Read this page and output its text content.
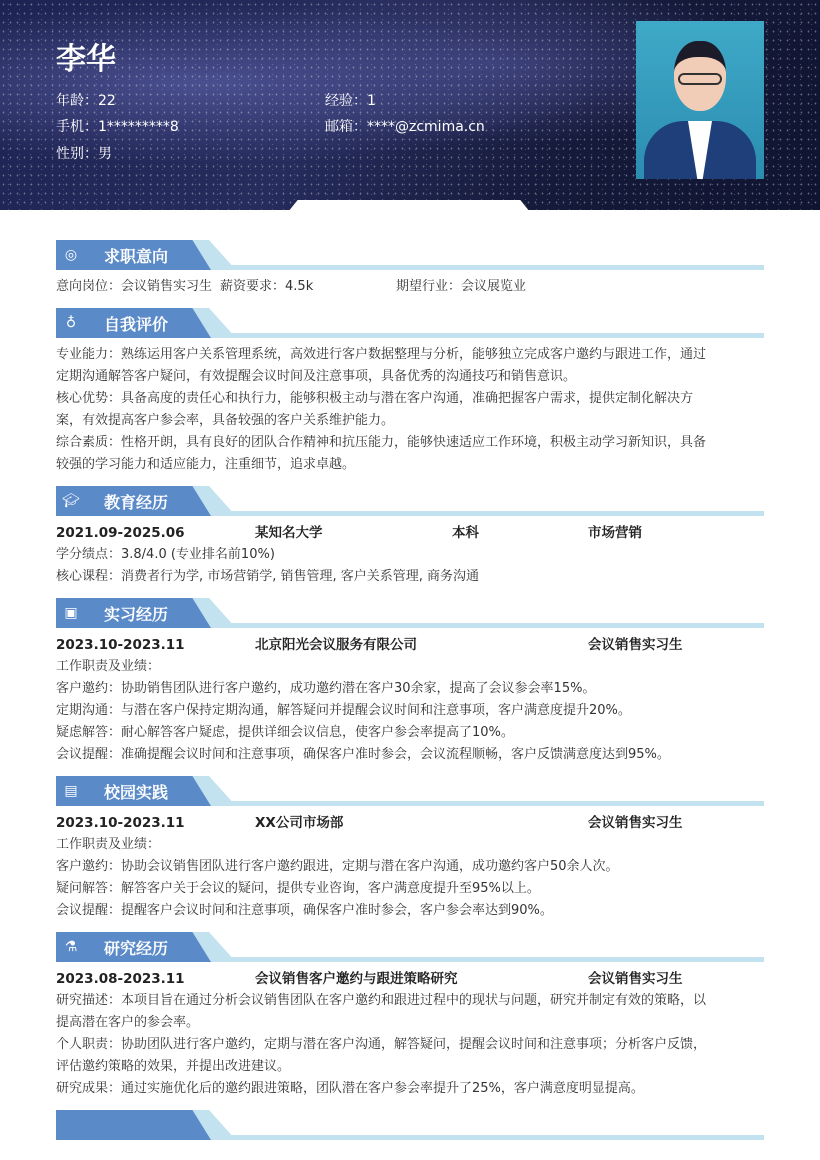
李华
年龄：22	经验：1
手机：1*********8	邮箱：****@zcmima.cn
性别：男
◎ 求职意向
意向岗位：会议销售实习生 薪资要求：4.5k	期望行业：会议展览业
♁ 自我评价
专业能力：熟练运用客户关系管理系统，高效进行客户数据整理与分析，能够独立完成客户邀约与跟进工作，通过
定期沟通解答客户疑问，有效提醒会议时间及注意事项，具备优秀的沟通技巧和销售意识。
核心优势：具备高度的责任心和执行力，能够积极主动与潜在客户沟通，准确把握客户需求，提供定制化解决方
案，有效提高客户参会率，具备较强的客户关系维护能力。
综合素质：性格开朗，具有良好的团队合作精神和抗压能力，能够快速适应工作环境，积极主动学习新知识，具备
较强的学习能力和适应能力，注重细节，追求卓越。
🎓︎ 教育经历
2021.09-2025.06	某知名大学	本科	市场营销
学分绩点：3.8/4.0 (专业排名前10%)
核心课程：消费者行为学, 市场营销学, 销售管理, 客户关系管理, 商务沟通
▣ 实习经历
2023.10-2023.11	北京阳光会议服务有限公司	会议销售实习生
工作职责及业绩：
客户邀约：协助销售团队进行客户邀约，成功邀约潜在客户30余家，提高了会议参会率15%。
定期沟通：与潜在客户保持定期沟通，解答疑问并提醒会议时间和注意事项，客户满意度提升20%。
疑虑解答：耐心解答客户疑虑，提供详细会议信息，使客户参会率提高了10%。
会议提醒：准确提醒会议时间和注意事项，确保客户准时参会，会议流程顺畅，客户反馈满意度达到95%。
▤ 校园实践
2023.10-2023.11	XX公司市场部	会议销售实习生
工作职责及业绩：
客户邀约：协助会议销售团队进行客户邀约跟进，定期与潜在客户沟通，成功邀约客户50余人次。
疑问解答：解答客户关于会议的疑问，提供专业咨询，客户满意度提升至95%以上。
会议提醒：提醒客户会议时间和注意事项，确保客户准时参会，客户参会率达到90%。
⚗︎ 研究经历
2023.08-2023.11	会议销售客户邀约与跟进策略研究	会议销售实习生
研究描述：本项目旨在通过分析会议销售团队在客户邀约和跟进过程中的现状与问题，研究并制定有效的策略，以
提高潜在客户的参会率。
个人职责：协助团队进行客户邀约，定期与潜在客户沟通，解答疑问，提醒会议时间和注意事项；分析客户反馈，
评估邀约策略的效果，并提出改进建议。
研究成果：通过实施优化后的邀约跟进策略，团队潜在客户参会率提升了25%，客户满意度明显提高。
